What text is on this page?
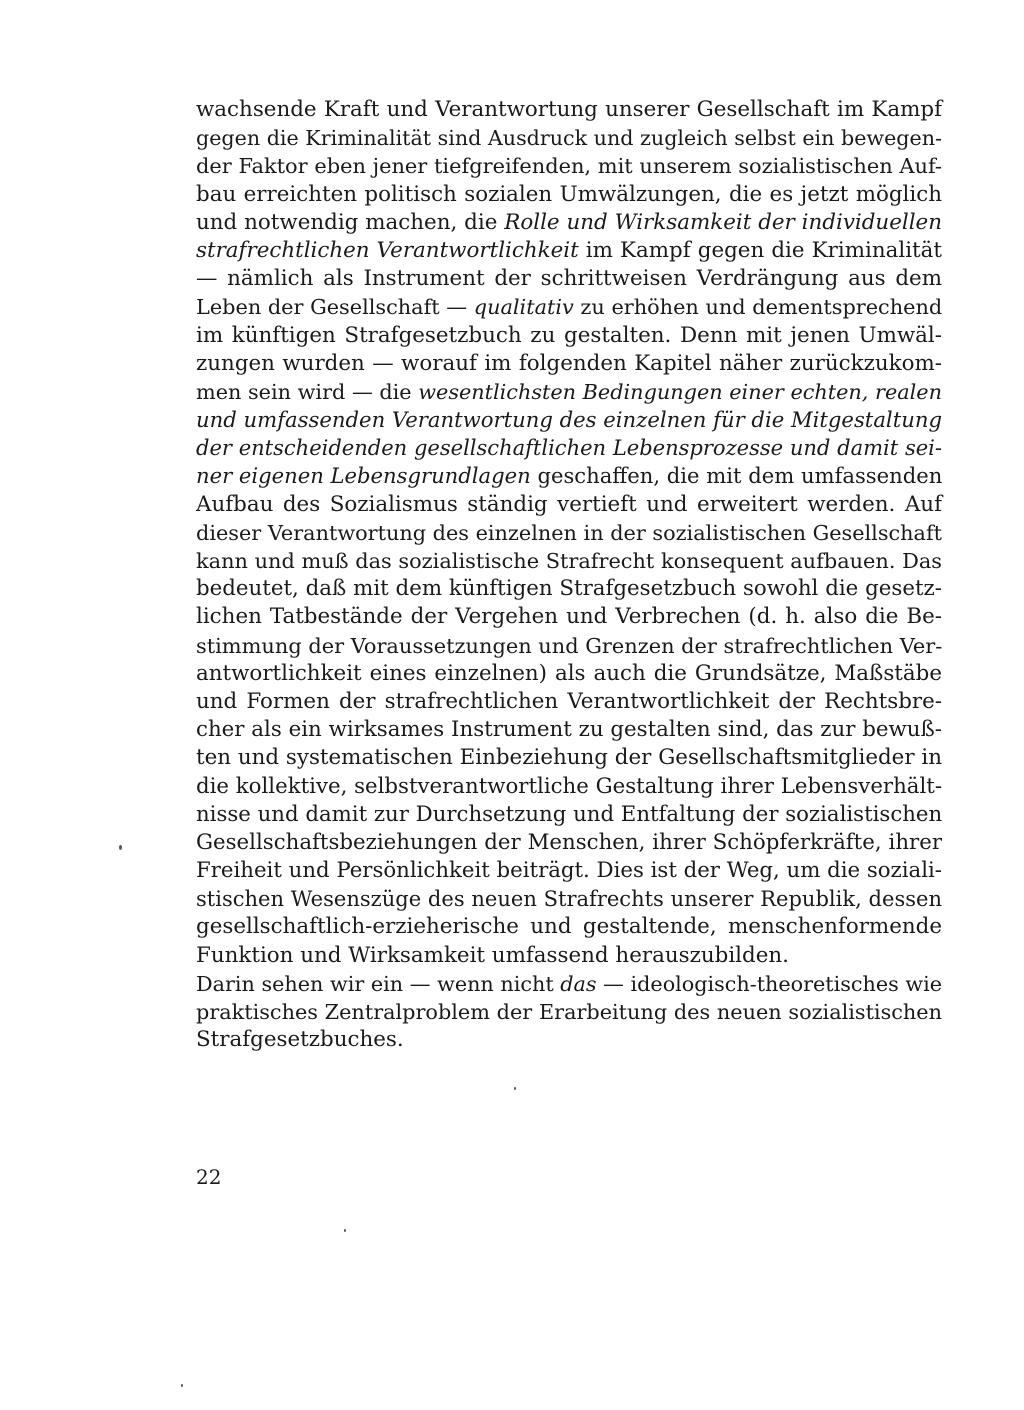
wachsende Kraft und Verantwortung unserer Gesellschaft im Kampf
gegen die Kriminalität sind Ausdruck und zugleich selbst ein bewegen-
der Faktor eben jener tiefgreifenden, mit unserem sozialistischen Auf-
bau erreichten politisch sozialen Umwälzungen, die es jetzt möglich
und notwendig machen, die Rolle und Wirksamkeit der individuellen
strafrechtlichen Verantwortlichkeit im Kampf gegen die Kriminalität
— nämlich als Instrument der schrittweisen Verdrängung aus dem
Leben der Gesellschaft — qualitativ zu erhöhen und dementsprechend
im künftigen Strafgesetzbuch zu gestalten. Denn mit jenen Umwäl-
zungen wurden — worauf im folgenden Kapitel näher zurückzukom-
men sein wird — die wesentlichsten Bedingungen einer echten, realen
und umfassenden Verantwortung des einzelnen für die Mitgestaltung
der entscheidenden gesellschaftlichen Lebensprozesse und damit sei-
ner eigenen Lebensgrundlagen geschaffen, die mit dem umfassenden
Aufbau des Sozialismus ständig vertieft und erweitert werden. Auf
dieser Verantwortung des einzelnen in der sozialistischen Gesellschaft
kann und muß das sozialistische Strafrecht konsequent aufbauen. Das
bedeutet, daß mit dem künftigen Strafgesetzbuch sowohl die gesetz-
lichen Tatbestände der Vergehen und Verbrechen (d. h. also die Be-
stimmung der Voraussetzungen und Grenzen der strafrechtlichen Ver-
antwortlichkeit eines einzelnen) als auch die Grundsätze, Maßstäbe
und Formen der strafrechtlichen Verantwortlichkeit der Rechtsbre-
cher als ein wirksames Instrument zu gestalten sind, das zur bewuß-
ten und systematischen Einbeziehung der Gesellschaftsmitglieder in
die kollektive, selbstverantwortliche Gestaltung ihrer Lebensverhält-
nisse und damit zur Durchsetzung und Entfaltung der sozialistischen
Gesellschaftsbeziehungen der Menschen, ihrer Schöpferkräfte, ihrer
Freiheit und Persönlichkeit beiträgt. Dies ist der Weg, um die soziali-
stischen Wesenszüge des neuen Strafrechts unserer Republik, dessen
gesellschaftlich-erzieherische und gestaltende, menschenformende
Funktion und Wirksamkeit umfassend herauszubilden.
Darin sehen wir ein — wenn nicht das — ideologisch-theoretisches wie
praktisches Zentralproblem der Erarbeitung des neuen sozialistischen
Strafgesetzbuches.
22
